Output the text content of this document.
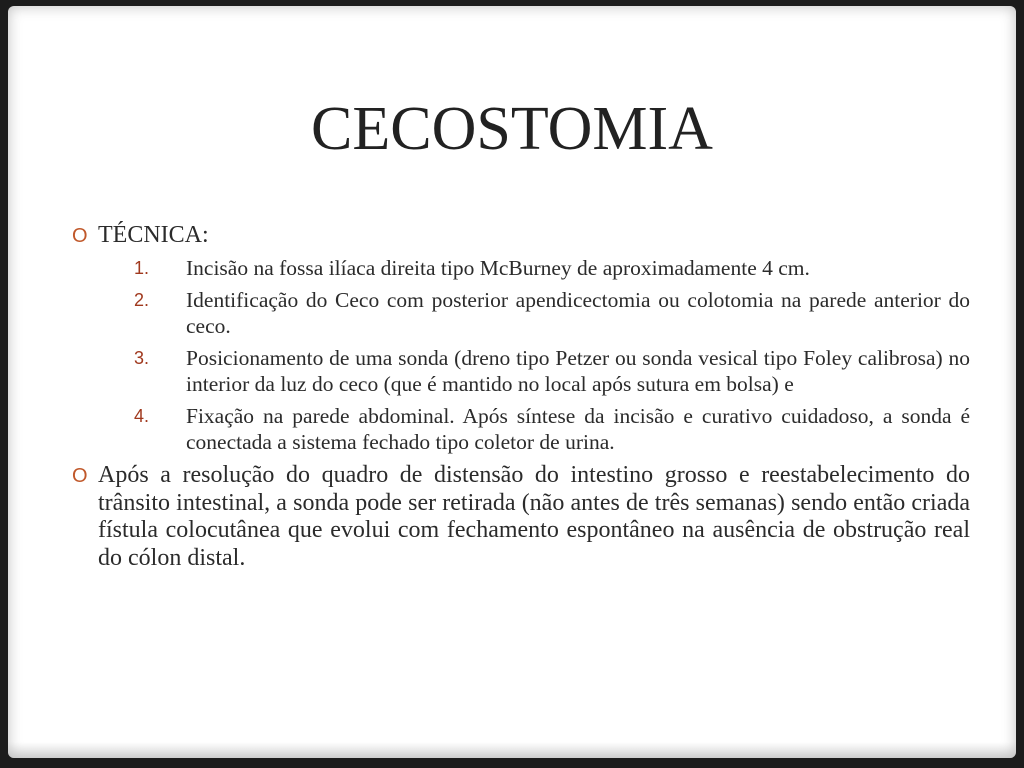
CECOSTOMIA
O TÉCNICA:
1. Incisão na fossa ilíaca direita tipo McBurney de aproximadamente 4 cm.
2. Identificação do Ceco com posterior apendicectomia ou colotomia na parede anterior do ceco.
3. Posicionamento de uma sonda (dreno tipo Petzer ou sonda vesical tipo Foley calibrosa) no interior da luz do ceco (que é mantido no local após sutura em bolsa) e
4. Fixação na parede abdominal. Após síntese da incisão e curativo cuidadoso, a sonda é conectada a sistema fechado tipo coletor de urina.
O Após a resolução do quadro de distensão do intestino grosso e reestabelecimento do trânsito intestinal, a sonda pode ser retirada (não antes de três semanas) sendo então criada fístula colocutânea que evolui com fechamento espontâneo na ausência de obstrução real do cólon distal.
